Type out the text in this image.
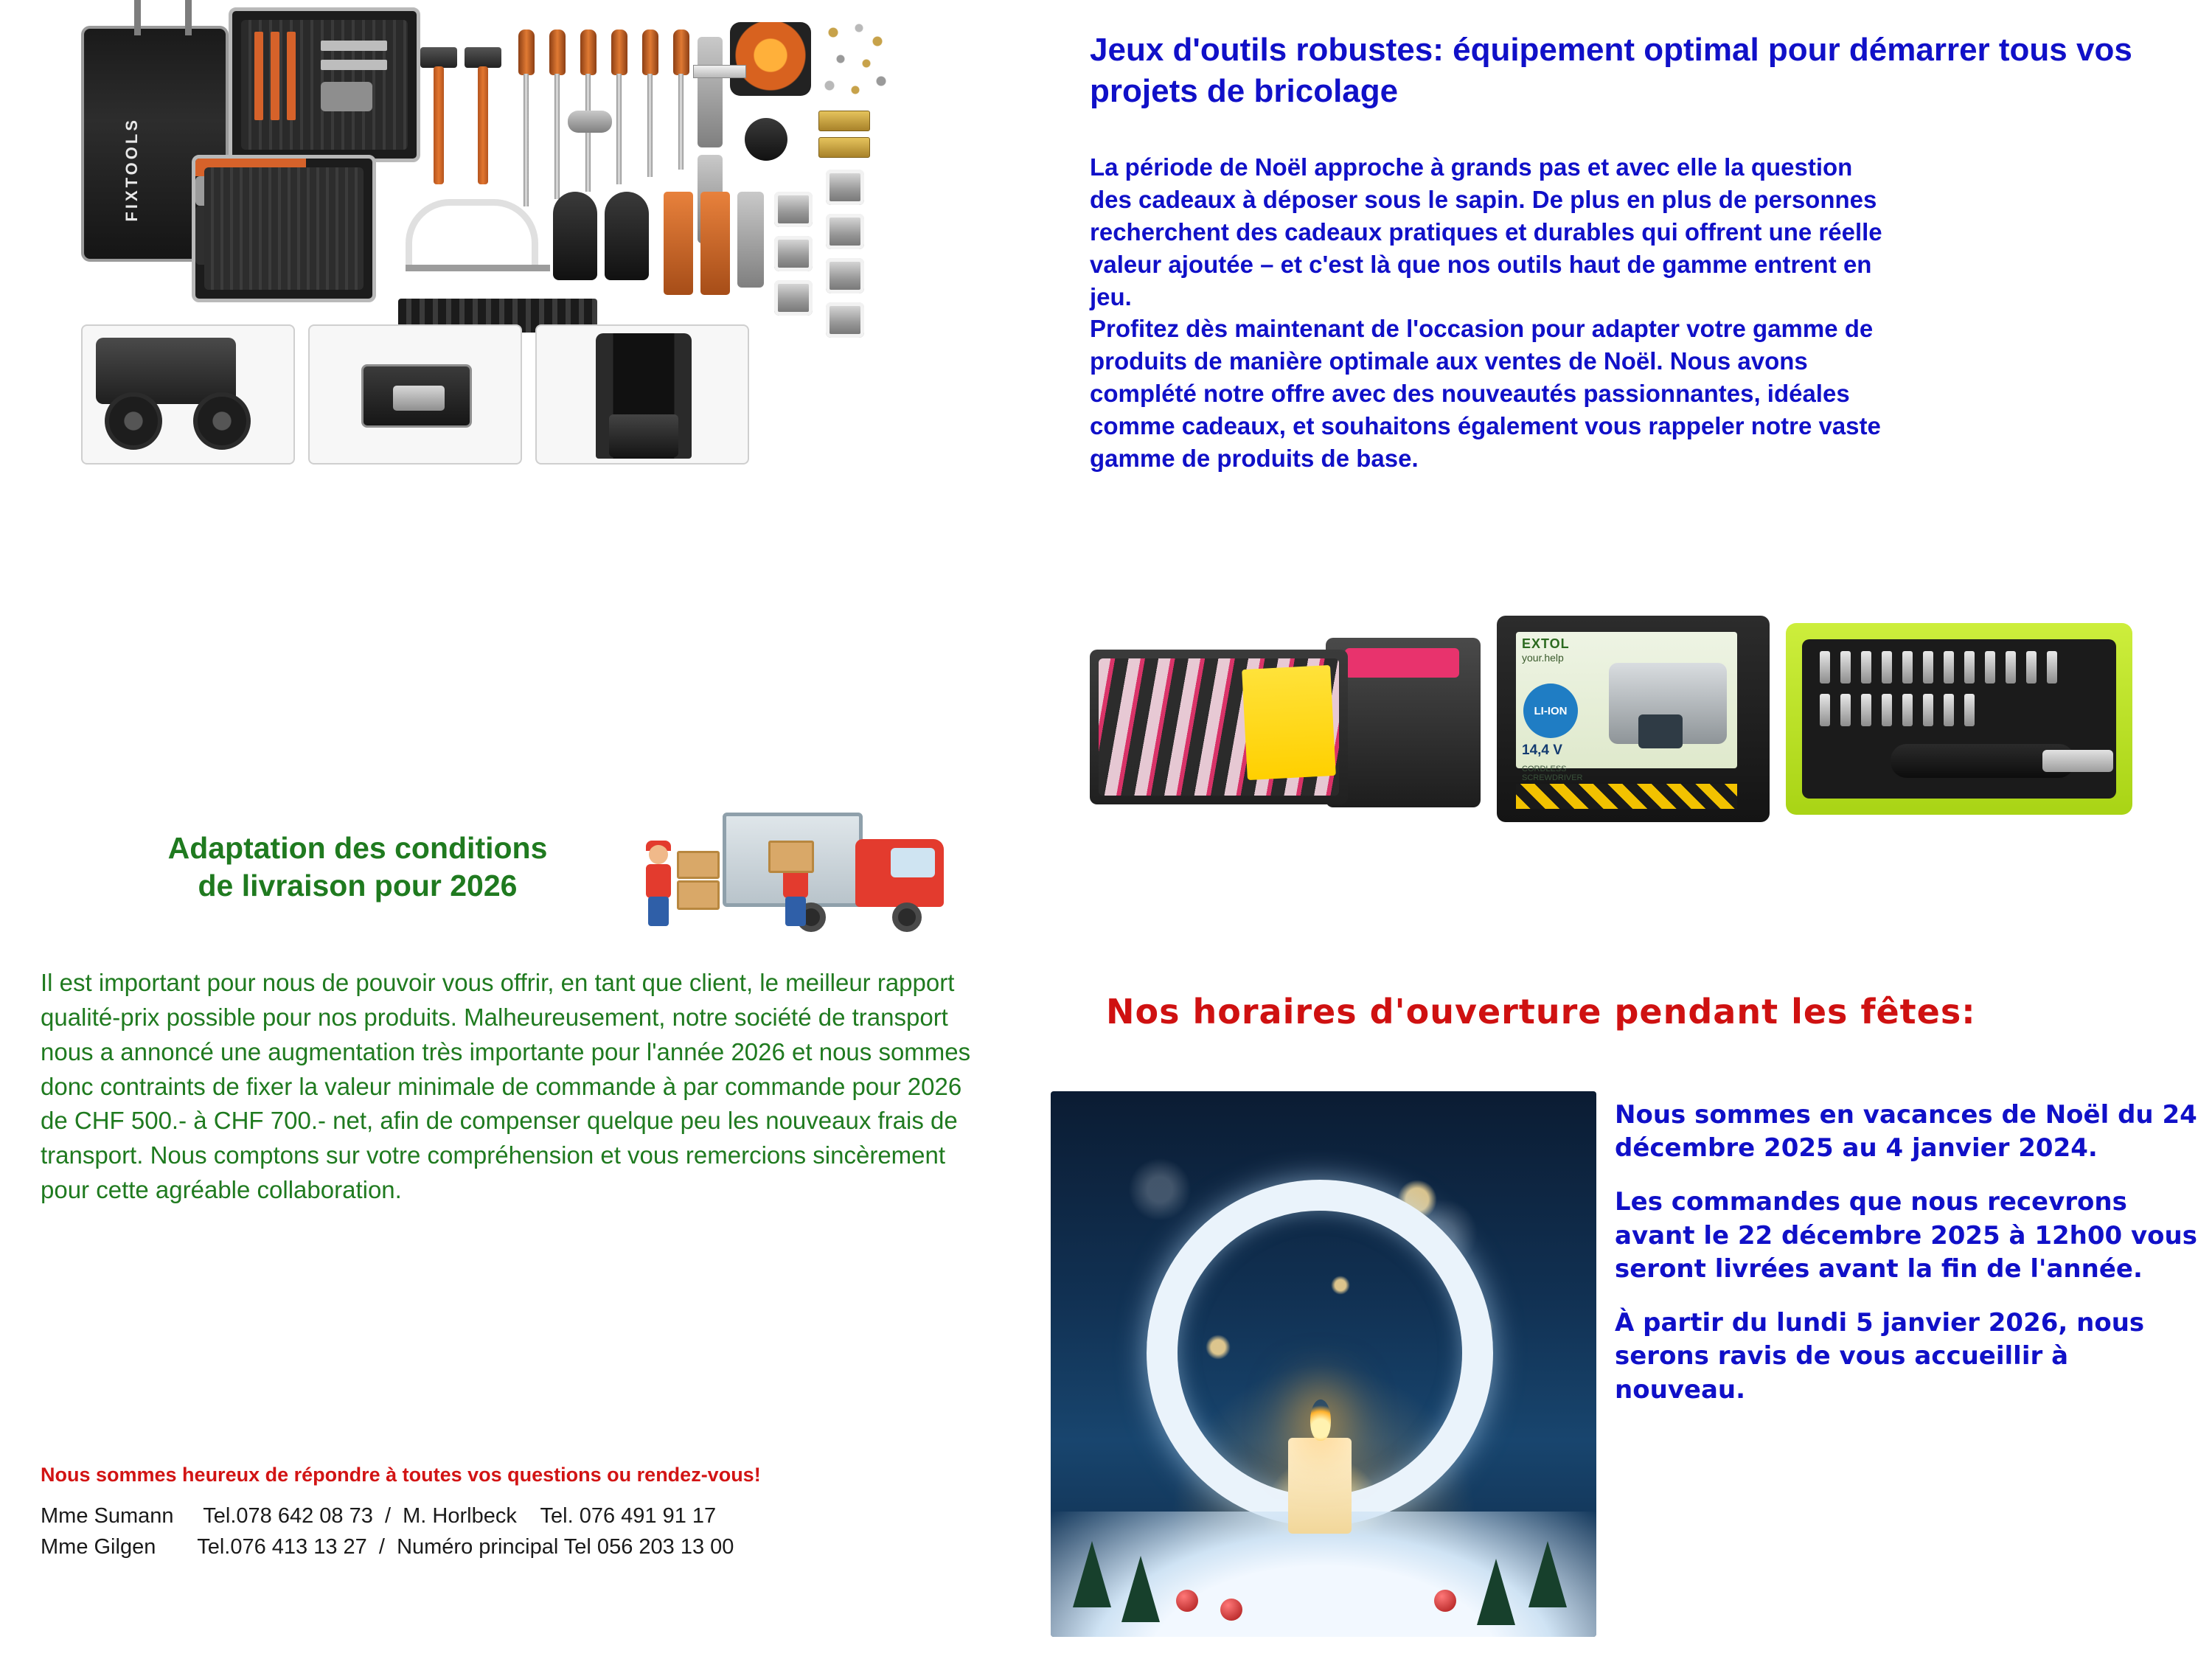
FIXTOOLS
Jeux d'outils robustes: équipement optimal pour démarrer tous vos projets de bricolage

La période de Noël approche à grands pas et avec elle la question des cadeaux à déposer sous le sapin. De plus en plus de personnes recherchent des cadeaux pratiques et durables qui offrent une réelle valeur ajoutée – et c'est là que nos outils haut de gamme entrent en jeu.

Profitez dès maintenant de l'occasion pour adapter votre gamme de produits de manière optimale aux ventes de Noël. Nous avons complété notre offre avec des nouveautés passionnantes, idéales comme cadeaux, et souhaitons également vous rappeler notre vaste gamme de produits de base.

EXTOL
your.help
LI-ION
14,4 V
CORDLESS SCREWDRIVER
Adaptation des conditions
de livraison pour 2026
Il est important pour nous de pouvoir vous offrir, en tant que client, le meilleur rapport qualité-prix possible pour nos produits. Malheureusement, notre société de transport nous a annoncé une augmentation très importante pour l'année 2026 et nous sommes donc contraints de fixer la valeur minimale de commande à par commande pour 2026 de CHF 500.- à CHF 700.- net, afin de compenser quelque peu les nouveaux frais de transport. Nous comptons sur votre compréhension et vous remercions sincèrement pour cette agréable collaboration.
Nous sommes heureux de répondre à toutes vos questions ou rendez-vous!
Mme Sumann     Tel.078 642 08 73  /  M. Horlbeck    Tel. 076 491 91 17
Mme Gilgen       Tel.076 413 13 27  /  Numéro principal Tel 056 203 13 00
Nos horaires d'ouverture pendant les fêtes:

Nous sommes en vacances de Noël du 24 décembre 2025 au 4 janvier 2024.

Les commandes que nous recevrons avant le 22 décembre 2025 à 12h00 vous seront livrées avant la fin de l'année.

À partir du lundi 5 janvier 2026, nous serons ravis de vous accueillir à nouveau.
